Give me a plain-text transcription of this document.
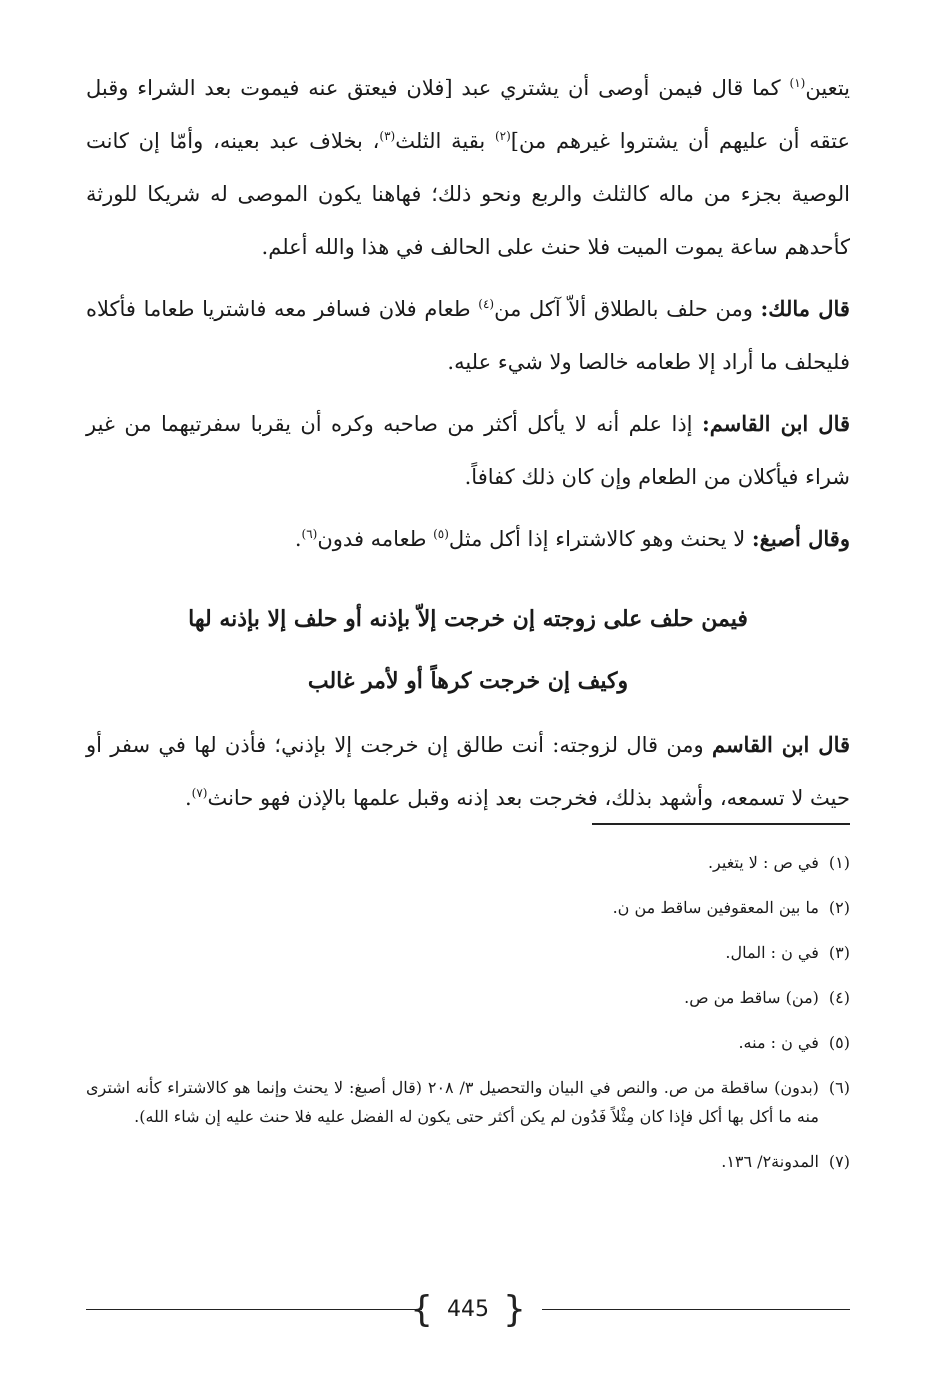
يتعين$^{(١)}$ كما قال فيمن أوصى أن يشتري عبد [فلان فيعتق عنه فيموت بعد الشراء وقبل عتقه أن عليهم أن يشتروا غيرهم من]$^{(٢)}$ بقية الثلث$^{(٣)}$، بخلاف عبد بعينه، وأمّا إن كانت الوصية بجزء من ماله كالثلث والربع ونحو ذلك؛ فهاهنا يكون الموصى له شريكا للورثة كأحدهم ساعة يموت الميت فلا حنث على الحالف في هذا والله أعلم.

قال مالك: ومن حلف بالطلاق ألاّ آكل من$^{(٤)}$ طعام فلان فسافر معه فاشتريا طعاما فأكلاه فليحلف ما أراد إلا طعامه خالصا ولا شيء عليه.

قال ابن القاسم: إذا علم أنه لا يأكل أكثر من صاحبه وكره أن يقربا سفرتيهما من غير شراء فيأكلان من الطعام وإن كان ذلك كفافاً.

وقال أصبغ: لا يحنث وهو كالاشتراء إذا أكل مثل$^{(٥)}$ طعامه فدون$^{(٦)}$.

فيمن حلف على زوجته إن خرجت إلاّ بإذنه أو حلف إلا بإذنه لها
وكيف إن خرجت كرهاً أو لأمر غالب

قال ابن القاسم ومن قال لزوجته: أنت طالق إن خرجت إلا بإذني؛ فأذن لها في سفر أو حيث لا تسمعه، وأشهد بذلك، فخرجت بعد إذنه وقبل علمها بالإذن فهو حانث$^{(٧)}$.

(١)
في ص : لا يتغير.
(٢)
ما بين المعقوفين ساقط من ن.
(٣)
في ن : المال.
(٤)
(من) ساقط من ص.
(٥)
في ن : منه.
(٦)
(بدون) ساقطة من ص. والنص في البيان والتحصيل ٣/ ٢٠٨ (قال أصبغ: لا يحنث وإنما هو كالاشتراء كأنه اشترى منه ما أكل بها أكل فإذا كان مِثْلاً فَدُون لم يكن أكثر حتى يكون له الفضل عليه فلا حنث عليه إن شاء الله).
(٧)
المدونة٢/ ١٣٦.
{ 445 }
